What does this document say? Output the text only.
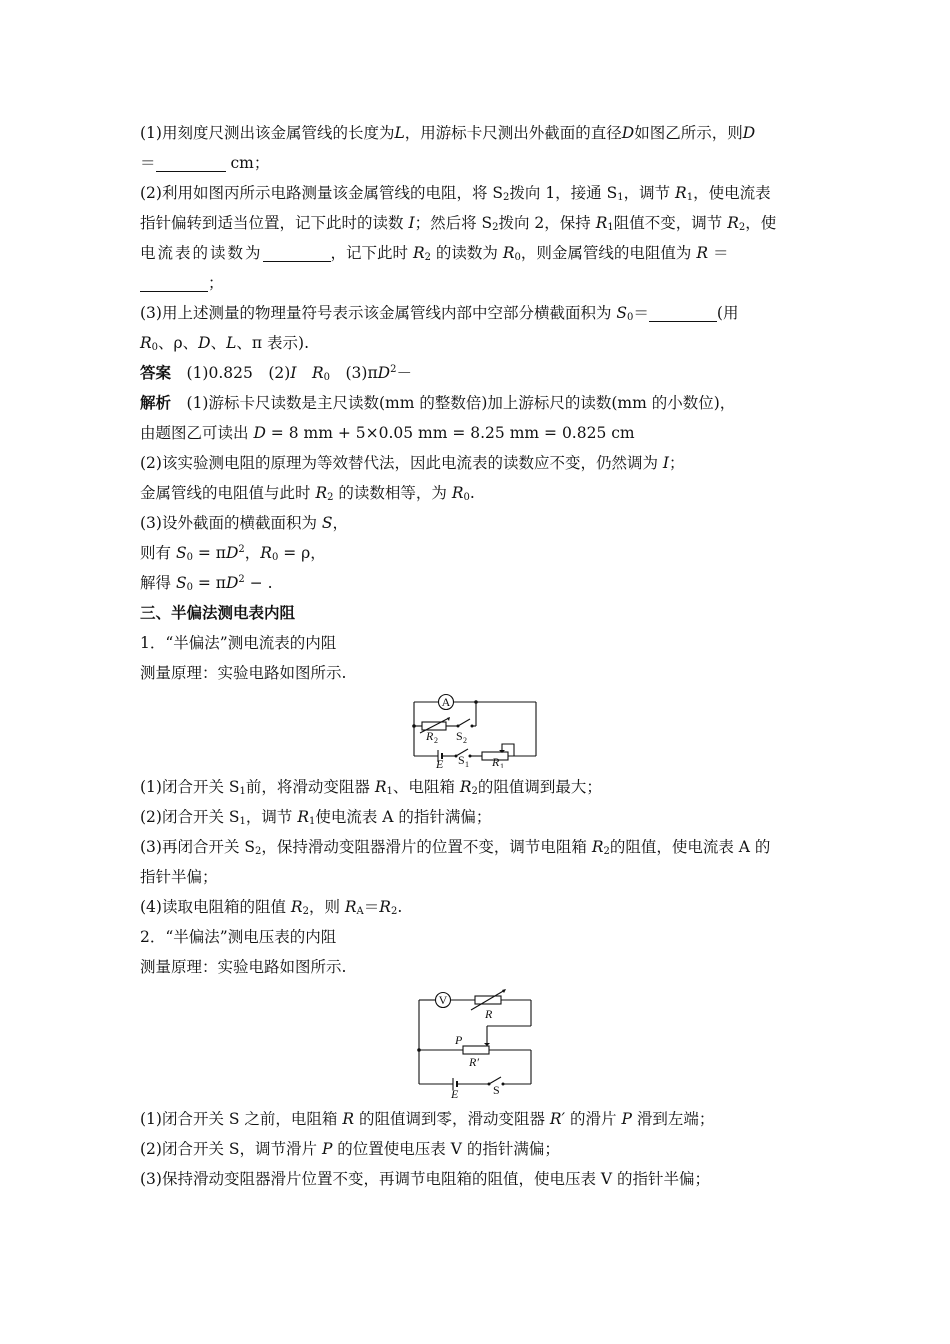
(1)用刻度尺测出该金属管线的长度为L，用游标卡尺测出外截面的直径D如图乙所示，则D
＝	cm；

(2)利用如图丙所示电路测量该金属管线的电阻，将 $S_2$拨向 1，接通 $S_1$，调节 $R_1$，使电流表
指针偏转到适当位置，记下此时的读数 I；然后将 $S_2$拨向 2，保持 $R_1$阻值不变，调节 $R_2$，使
电流表的读数为	，记下此时 $R_2$ 的读数为 $R_0$，则金属管线的电阻值为 R ＝
；

(3)用上述测量的物理量符号表示该金属管线内部中空部分横截面积为 $S_0=$	(用
$R_0$、ρ、D、L、π 表示).

答案　(1)0.825　(2)I　 $R_0$　$(3)\pi D^2-$

解析　(1)游标卡尺读数是主尺读数(mm 的整数倍)加上游标尺的读数(mm 的小数位)，

由题图乙可读出 D = 8 mm + 5×0.05 mm = 8.25 mm = 0.825 cm

(2)该实验测电阻的原理为等效替代法，因此电流表的读数应不变，仍然调为 I；

金属管线的电阻值与此时 $R_2$ 的读数相等，为 $R_0$.

(3)设外截面的横截面积为 S，

则有 $S_0 = \pi D^2$，$R_0 = \rho$，

解得 $S_0 = \pi D^2$ − .

三、半偏法测电表内阻

1．“半偏法”测电流表的内阻

测量原理：实验电路如图所示.

A
R 2 S 2
E S 1 R 1

(1)闭合开关 $S_1$前，将滑动变阻器 $R_1$、电阻箱 $R_2$的阻值调到最大；

(2)闭合开关 $S_1$，调节 $R_1$使电流表 A 的指针满偏；

(3)再闭合开关 $S_2$，保持滑动变阻器滑片的位置不变，调节电阻箱 $R_2$的阻值，使电流表 A 的
指针半偏；

(4)读取电阻箱的阻值 $R_2$，则 $R_A=R_2$.

2．“半偏法”测电压表的内阻

测量原理：实验电路如图所示.

V
R
P
R′
E	S

(1)闭合开关 S 之前，电阻箱 R 的阻值调到零，滑动变阻器 R′ 的滑片 P 滑到左端；

(2)闭合开关 S，调节滑片 P 的位置使电压表 V 的指针满偏；

(3)保持滑动变阻器滑片位置不变，再调节电阻箱的阻值，使电压表 V 的指针半偏；
